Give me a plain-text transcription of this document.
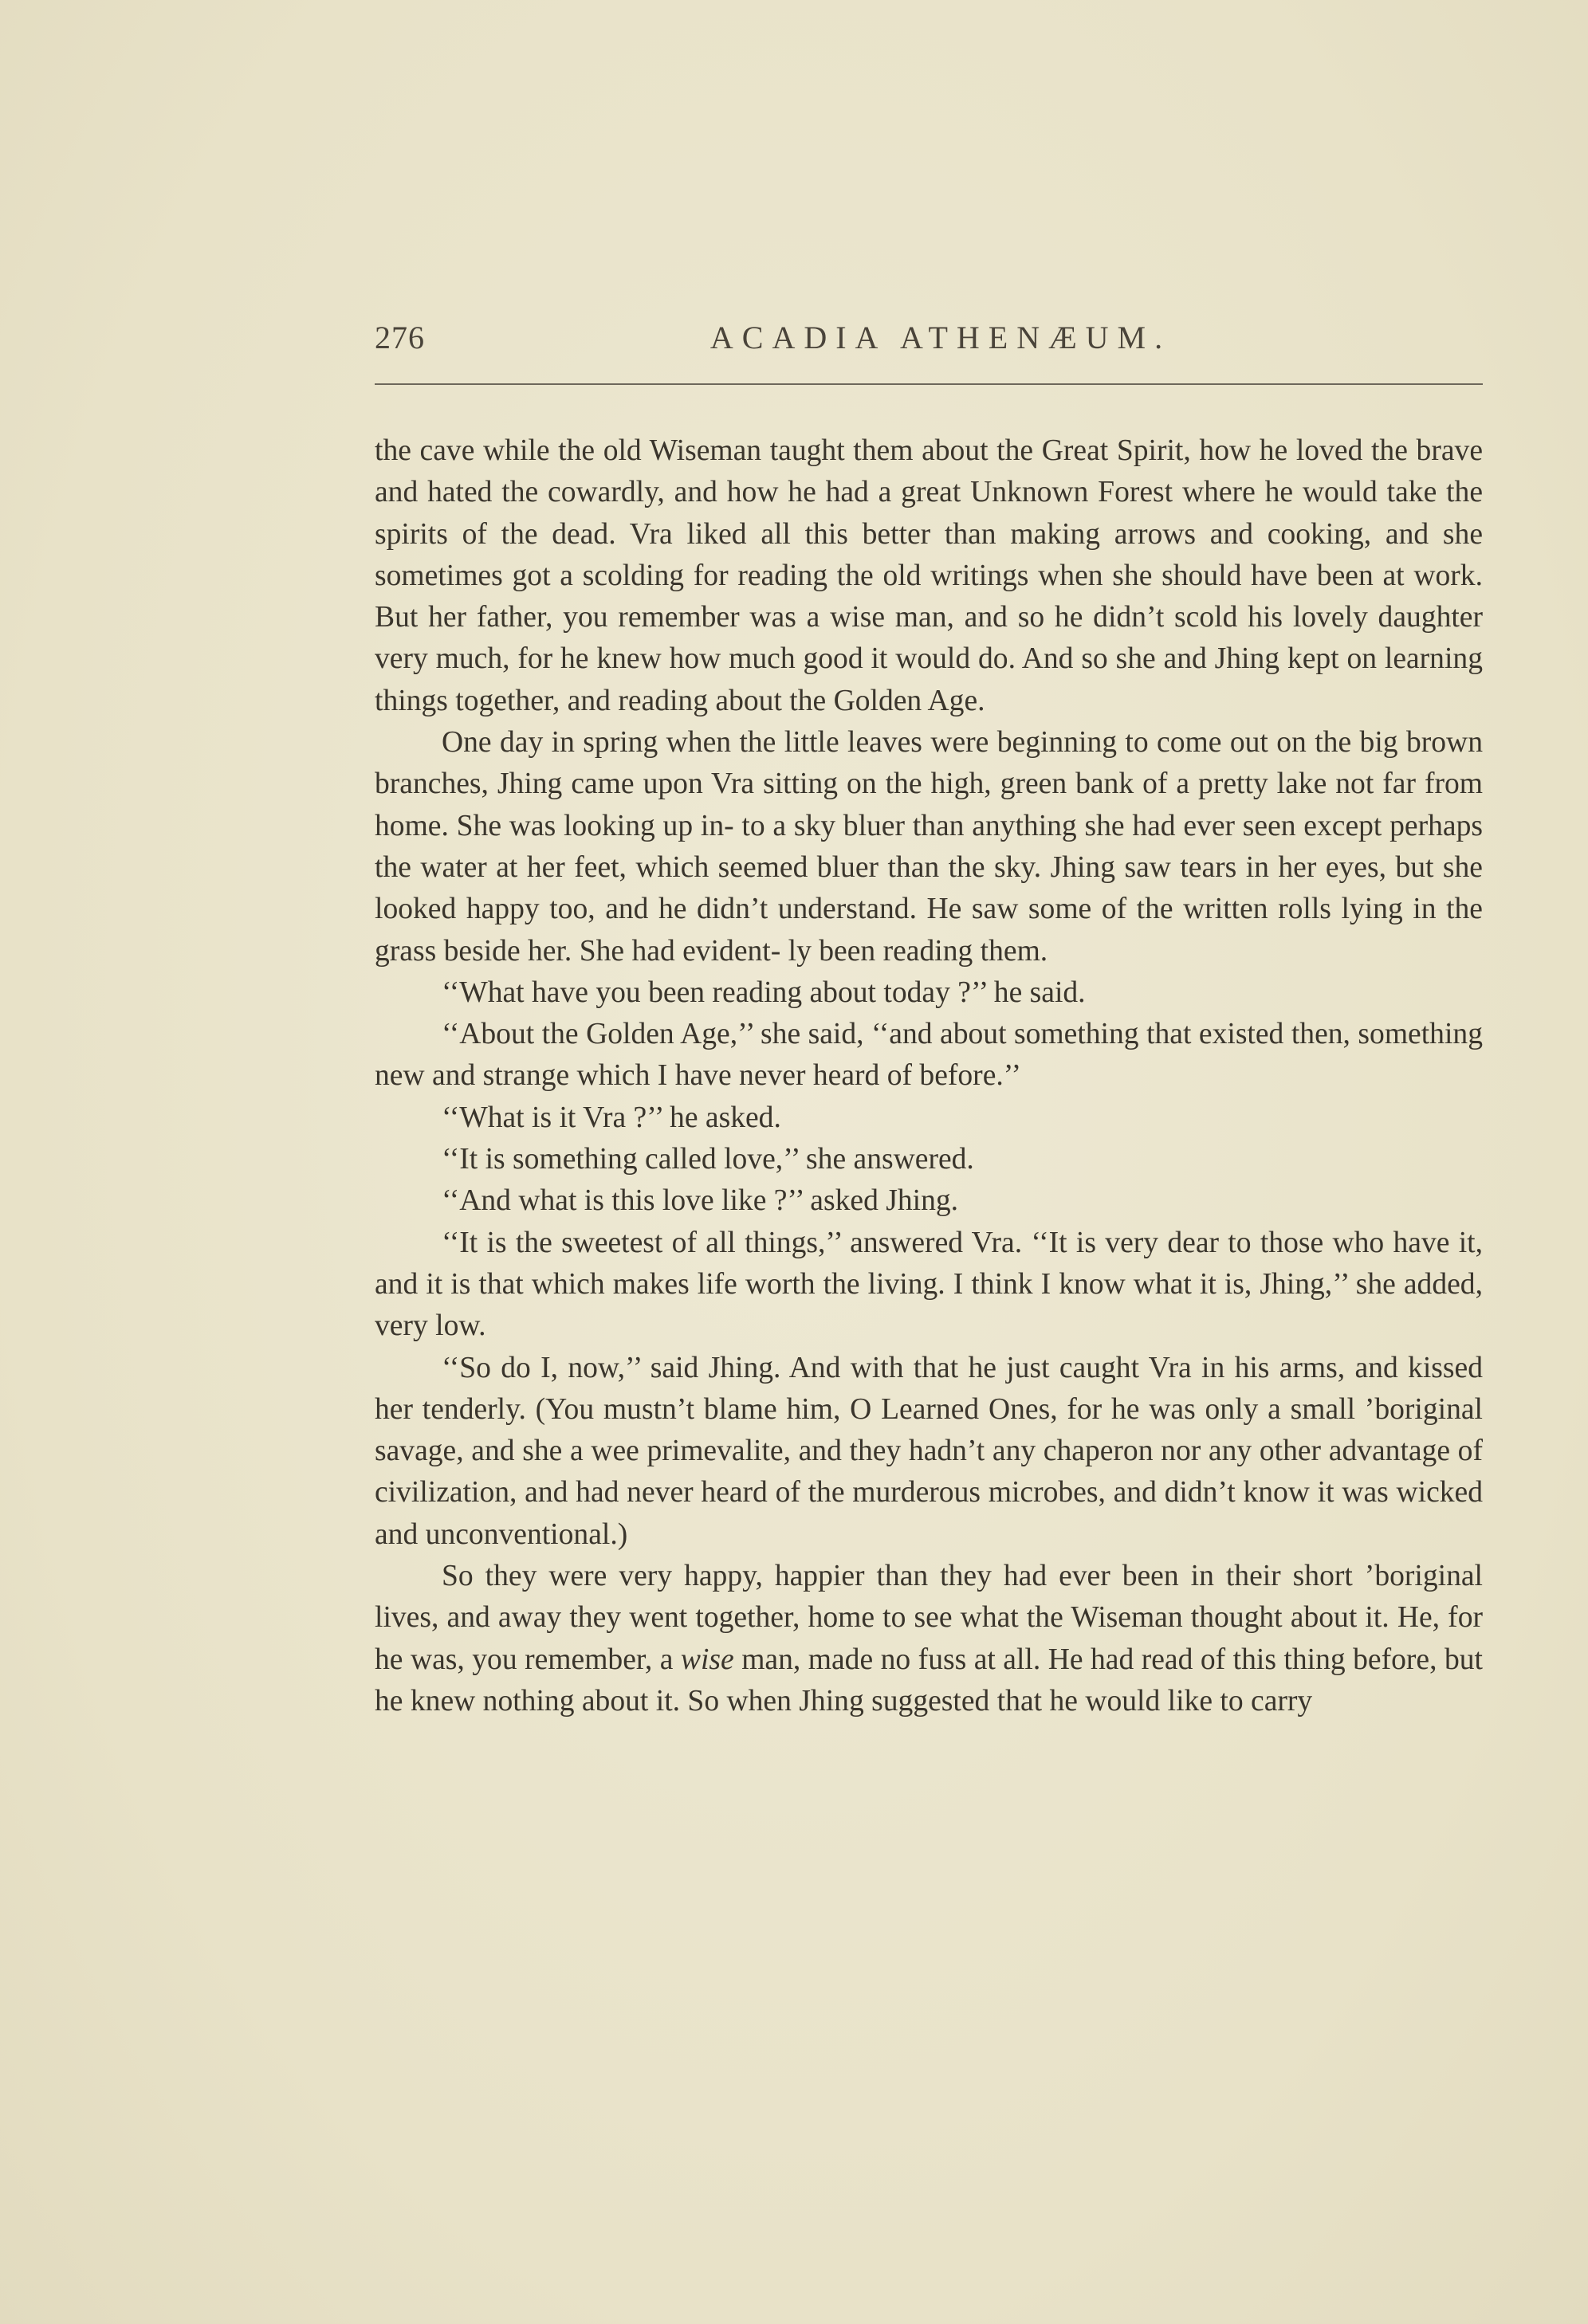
276	ACADIA ATHENÆUM.

the cave while the old Wiseman taught them about the Great Spirit, how he loved the brave and hated the cowardly, and how he had a great Unknown Forest where he would take the spirits of the dead. Vra liked all this better than making arrows and cooking, and she sometimes got a scolding for reading the old writings when she should have been at work. But her father, you remember was a wise man, and so he didn’t scold his lovely daughter very much, for he knew how much good it would do. And so she and Jhing kept on learning things together, and reading about the Golden Age.

One day in spring when the little leaves were beginning to come out on the big brown branches, Jhing came upon Vra sitting on the high, green bank of a pretty lake not far from home. She was looking up in- to a sky bluer than anything she had ever seen except perhaps the water at her feet, which seemed bluer than the sky. Jhing saw tears in her eyes, but she looked happy too, and he didn’t understand. He saw some of the written rolls lying in the grass beside her. She had evident- ly been reading them.

‘‘What have you been reading about today ?’’ he said.

‘‘About the Golden Age,’’ she said, ‘‘and about something that existed then, something new and strange which I have never heard of before.’’

‘‘What is it Vra ?’’ he asked.

‘‘It is something called love,’’ she answered.

‘‘And what is this love like ?’’ asked Jhing.

‘‘It is the sweetest of all things,’’ answered Vra. ‘‘It is very dear to those who have it, and it is that which makes life worth the living. I think I know what it is, Jhing,’’ she added, very low.

‘‘So do I, now,’’ said Jhing. And with that he just caught Vra in his arms, and kissed her tenderly. (You mustn’t blame him, O Learned Ones, for he was only a small ’boriginal savage, and she a wee primevalite, and they hadn’t any chaperon nor any other advantage of civilization, and had never heard of the murderous microbes, and didn’t know it was wicked and unconventional.)

So they were very happy, happier than they had ever been in their short ’boriginal lives, and away they went together, home to see what the Wiseman thought about it. He, for he was, you remember, a wise man, made no fuss at all. He had read of this thing before, but he knew nothing about it. So when Jhing suggested that he would like to carry
